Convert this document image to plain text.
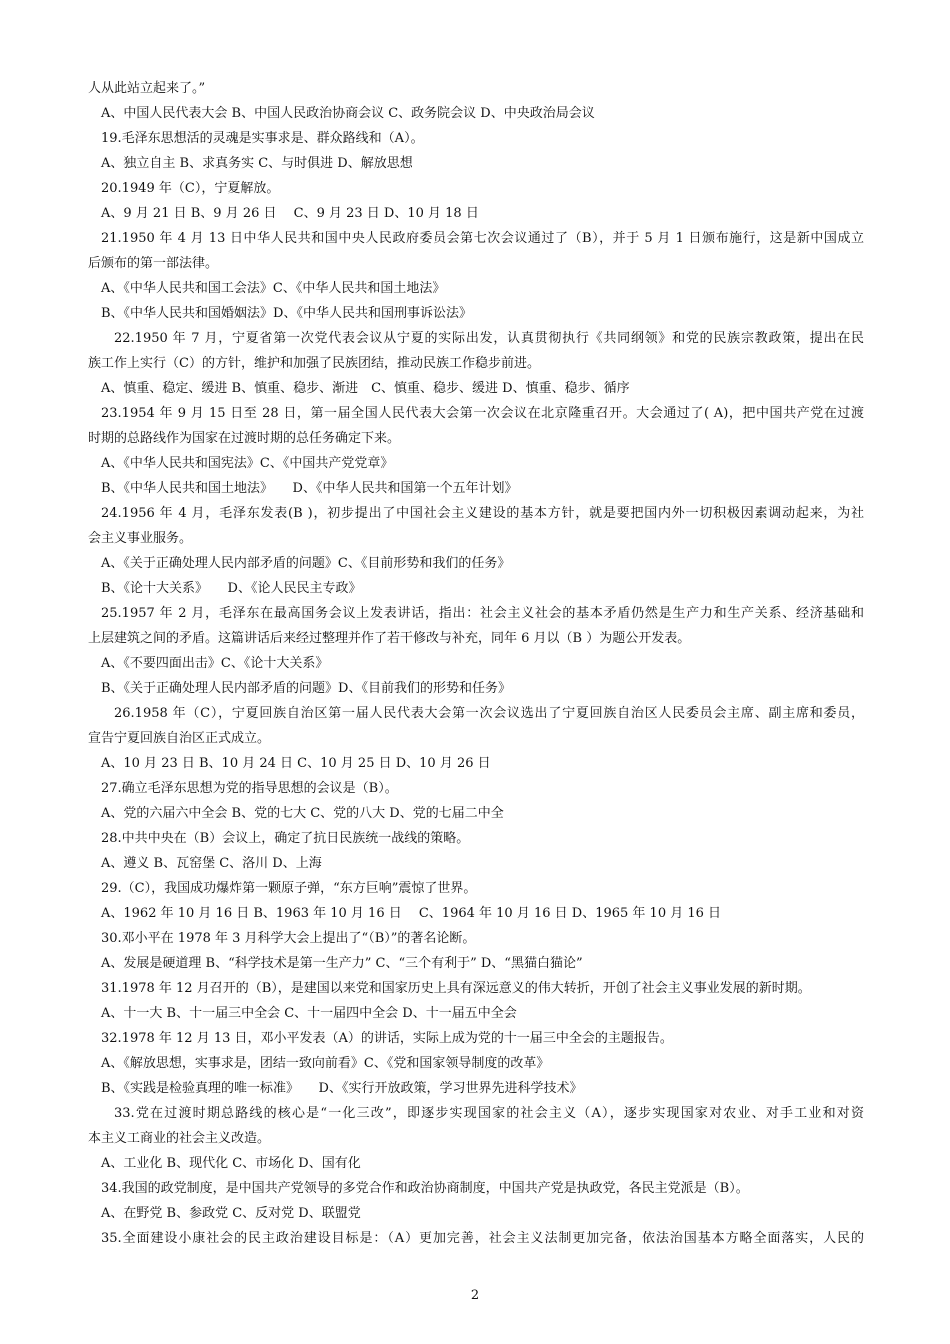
人从此站立起来了。”
A、中国人民代表大会 B、中国人民政治协商会议 C、政务院会议 D、中央政治局会议
19.毛泽东思想活的灵魂是实事求是、群众路线和（A）。
A、独立自主 B、求真务实 C、与时俱进 D、解放思想
20.1949 年（C），宁夏解放。
A、9 月 21 日 B、9 月 26 日　 C、9 月 23 日 D、10 月 18 日
21.1950 年 4 月 13 日中华人民共和国中央人民政府委员会第七次会议通过了（B），并于 5 月 1 日颁布施行，这是新中国成立
后颁布的第一部法律。
A、《中华人民共和国工会法》C、《中华人民共和国土地法》
B、《中华人民共和国婚姻法》D、《中华人民共和国刑事诉讼法》
22.1950 年 7 月，宁夏省第一次党代表会议从宁夏的实际出发，认真贯彻执行《共同纲领》和党的民族宗教政策，提出在民
族工作上实行（C）的方针，维护和加强了民族团结，推动民族工作稳步前进。
A、慎重、稳定、缓进 B、慎重、稳步、渐进　C、慎重、稳步、缓进 D、慎重、稳步、循序
23.1954 年 9 月 15 日至 28 日，第一届全国人民代表大会第一次会议在北京隆重召开。大会通过了( A)，把中国共产党在过渡
时期的总路线作为国家在过渡时期的总任务确定下来。
A、《中华人民共和国宪法》C、《中国共产党党章》
B、《中华人民共和国土地法》　　D、《中华人民共和国第一个五年计划》
24.1956 年 4 月，毛泽东发表(B )，初步提出了中国社会主义建设的基本方针，就是要把国内外一切积极因素调动起来，为社
会主义事业服务。
A、《关于正确处理人民内部矛盾的问题》C、《目前形势和我们的任务》
B、《论十大关系》　　D、《论人民民主专政》
25.1957 年 2 月，毛泽东在最高国务会议上发表讲话，指出：社会主义社会的基本矛盾仍然是生产力和生产关系、经济基础和
上层建筑之间的矛盾。这篇讲话后来经过整理并作了若干修改与补充，同年 6 月以（B ）为题公开发表。
A、《不要四面出击》C、《论十大关系》
B、《关于正确处理人民内部矛盾的问题》D、《目前我们的形势和任务》
26.1958 年（C），宁夏回族自治区第一届人民代表大会第一次会议选出了宁夏回族自治区人民委员会主席、副主席和委员，
宣告宁夏回族自治区正式成立。
A、10 月 23 日 B、10 月 24 日 C、10 月 25 日 D、10 月 26 日
27.确立毛泽东思想为党的指导思想的会议是（B）。
A、党的六届六中全会 B、党的七大 C、党的八大 D、党的七届二中全
28.中共中央在（B）会议上，确定了抗日民族统一战线的策略。
A、遵义 B、瓦窑堡 C、洛川 D、上海
29.（C），我国成功爆炸第一颗原子弹，“东方巨响”震惊了世界。
A、1962 年 10 月 16 日 B、1963 年 10 月 16 日　 C、1964 年 10 月 16 日 D、1965 年 10 月 16 日
30.邓小平在 1978 年 3 月科学大会上提出了“（B）”的著名论断。
A、发展是硬道理 B、“科学技术是第一生产力” C、“三个有利于” D、“黑猫白猫论”
31.1978 年 12 月召开的（B），是建国以来党和国家历史上具有深远意义的伟大转折，开创了社会主义事业发展的新时期。
A、十一大 B、十一届三中全会 C、十一届四中全会 D、十一届五中全会
32.1978 年 12 月 13 日，邓小平发表（A）的讲话，实际上成为党的十一届三中全会的主题报告。
A、《解放思想，实事求是，团结一致向前看》C、《党和国家领导制度的改革》
B、《实践是检验真理的唯一标准》　　D、《实行开放政策，学习世界先进科学技术》
33.党在过渡时期总路线的核心是“一化三改”，即逐步实现国家的社会主义（A），逐步实现国家对农业、对手工业和对资
本主义工商业的社会主义改造。
A、工业化 B、现代化 C、市场化 D、国有化
34.我国的政党制度，是中国共产党领导的多党合作和政治协商制度，中国共产党是执政党，各民主党派是（B）。
A、在野党 B、参政党 C、反对党 D、联盟党
35.全面建设小康社会的民主政治建设目标是：（A）更加完善，社会主义法制更加完备，依法治国基本方略全面落实，人民的
2
